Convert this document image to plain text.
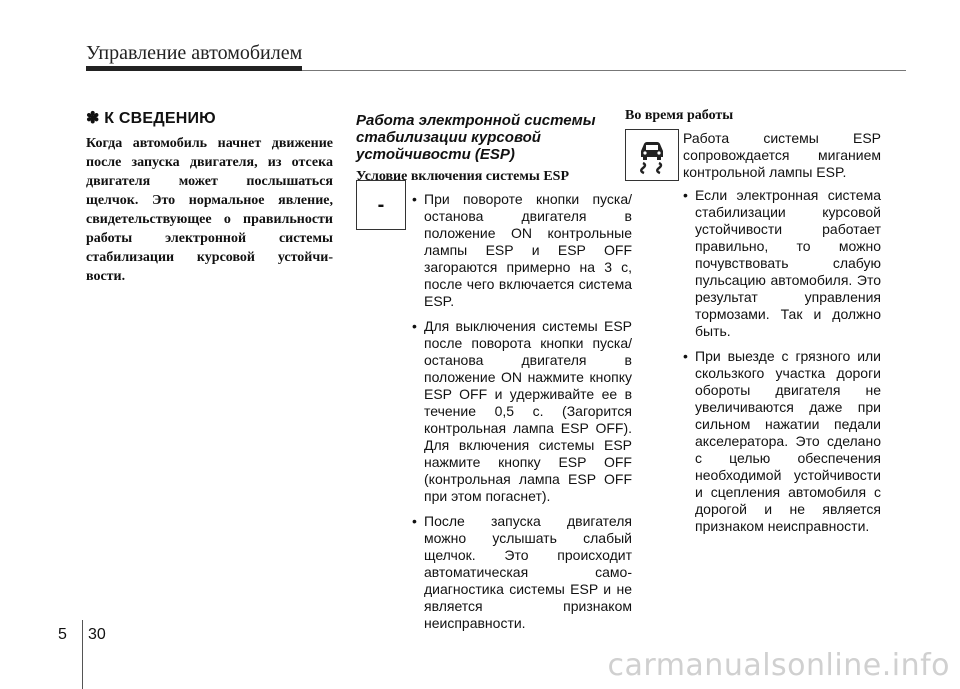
Управление автомобилем
✽ К СВЕДЕНИЮ
Когда автомобиль начнет движение после запуска двигателя, из отсека двигателя может послышаться щелчок. Это нормальное явление, свидетельствующее о правильности работы электронной системы стабилизации курсовой устойчи-вости.
Работа электронной системы стабилизации курсовой устойчивости (ESP)
Условие включения системы ESP
• При повороте кнопки пуска/останова двигателя в положение ON контрольные лампы ESP и ESP OFF загораются примерно на 3 с, после чего включается система ESP.
• Для выключения системы ESP после поворота кнопки пуска/останова двигателя в положение ON нажмите кнопку ESP OFF и удерживайте ее в течение 0,5 с. (Загорится контрольная лампа ESP OFF). Для включения системы ESP нажмите кнопку ESP OFF (контрольная лампа ESP OFF при этом погаснет).
• После запуска двигателя можно услышать слабый щелчок. Это происходит автоматическая само-диагностика системы ESP и не является признаком неисправности.
-
Во время работы

Работа системы ESP сопровождается миганием контрольной лампы ESP.

• Если электронная система стабилизации курсовой устойчивости работает правильно, то можно почувствовать слабую пульсацию автомобиля. Это результат управления тормозами. Так и должно быть.
• При выезде с грязного или скользкого участка дороги обороты двигателя не увеличиваются даже при сильном нажатии педали акселератора. Это сделано с целью обеспечения необходимой устойчивости и сцепления автомобиля с дорогой и не является признаком неисправности.
5 30
carmanualsonline.info
